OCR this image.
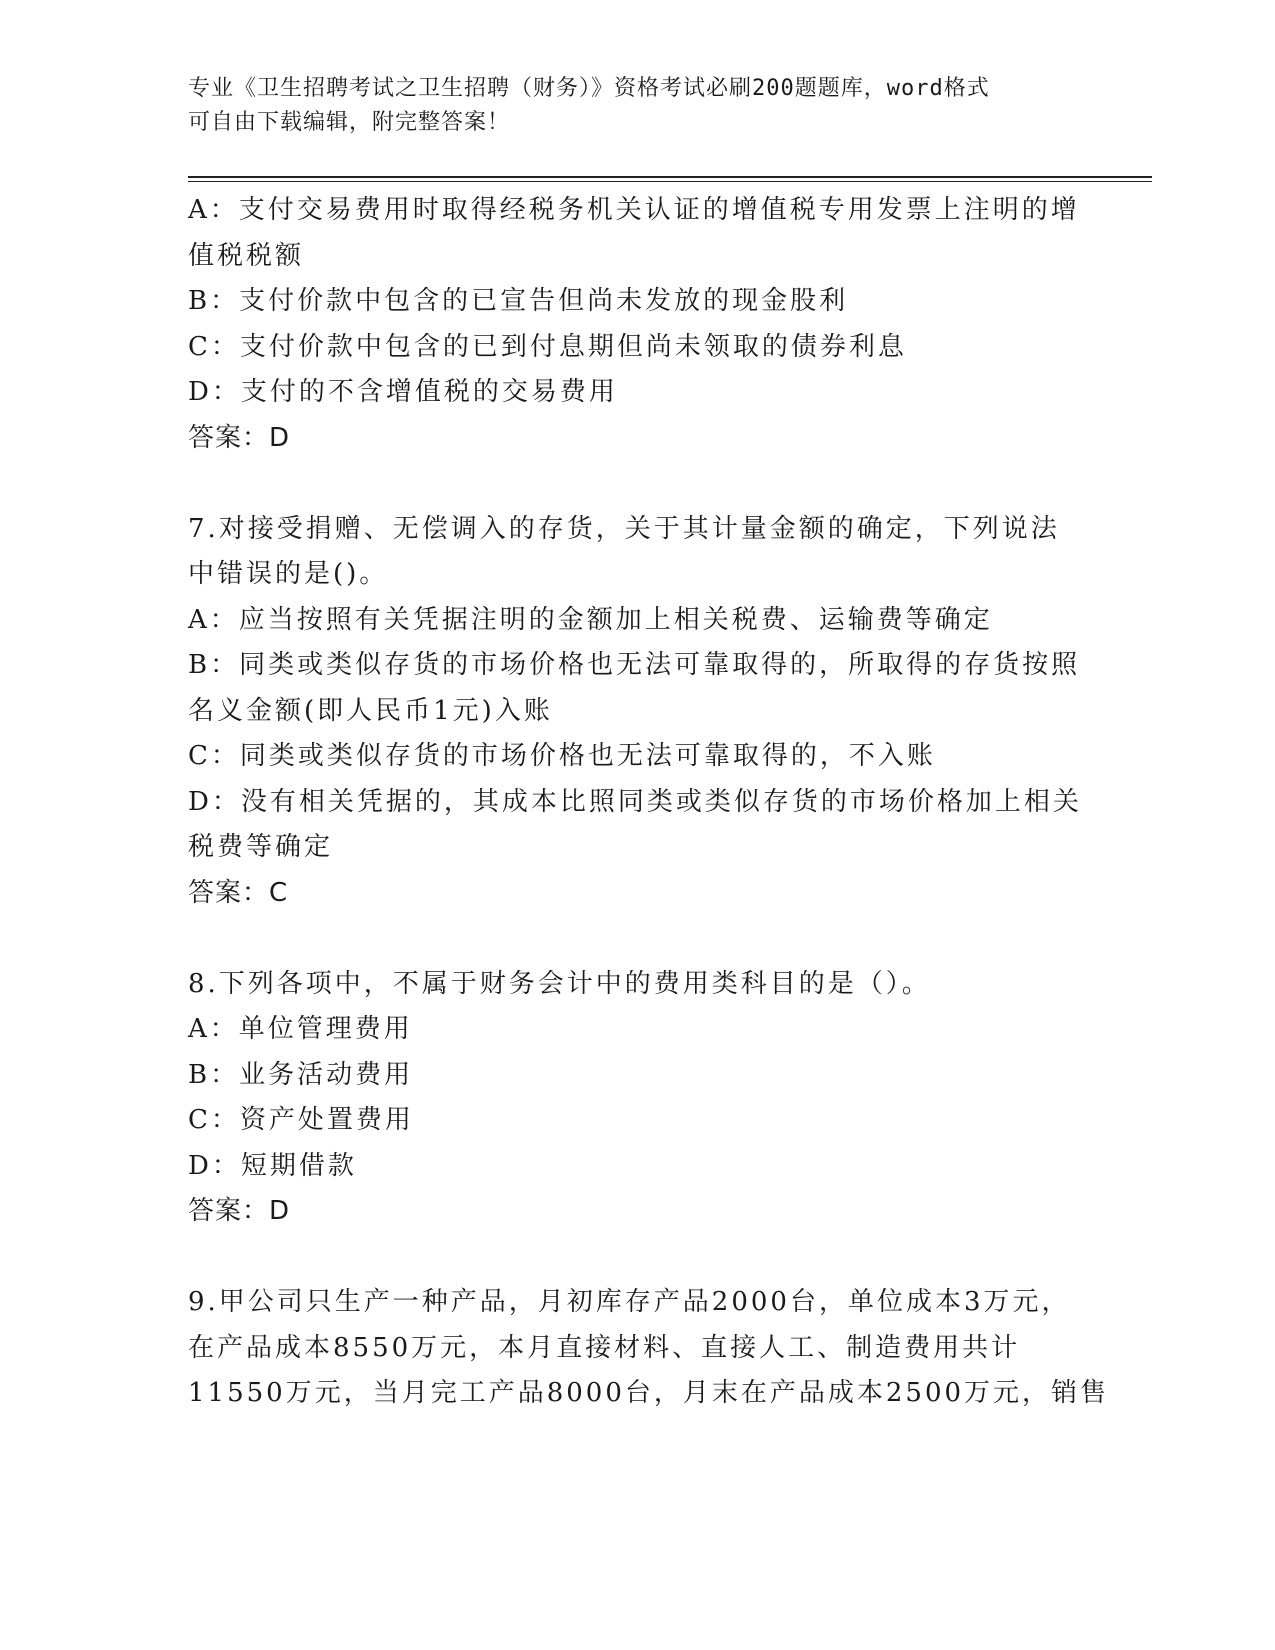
专业《卫生招聘考试之卫生招聘（财务）》资格考试必刷200题题库，word格式
可自由下载编辑，附完整答案！
A：支付交易费用时取得经税务机关认证的增值税专用发票上注明的增
值税税额
B：支付价款中包含的已宣告但尚未发放的现金股利
C：支付价款中包含的已到付息期但尚未领取的债券利息
D：支付的不含增值税的交易费用
答案：D
7.对接受捐赠、无偿调入的存货，关于其计量金额的确定，下列说法
中错误的是()。
A：应当按照有关凭据注明的金额加上相关税费、运输费等确定
B：同类或类似存货的市场价格也无法可靠取得的，所取得的存货按照
名义金额(即人民币1元)入账
C：同类或类似存货的市场价格也无法可靠取得的，不入账
D：没有相关凭据的，其成本比照同类或类似存货的市场价格加上相关
税费等确定
答案：C
8.下列各项中，不属于财务会计中的费用类科目的是（）。
A：单位管理费用
B：业务活动费用
C：资产处置费用
D：短期借款
答案：D
9.甲公司只生产一种产品，月初库存产品2000台，单位成本3万元，
在产品成本8550万元，本月直接材料、直接人工、制造费用共计
11550万元，当月完工产品8000台，月末在产品成本2500万元，销售
